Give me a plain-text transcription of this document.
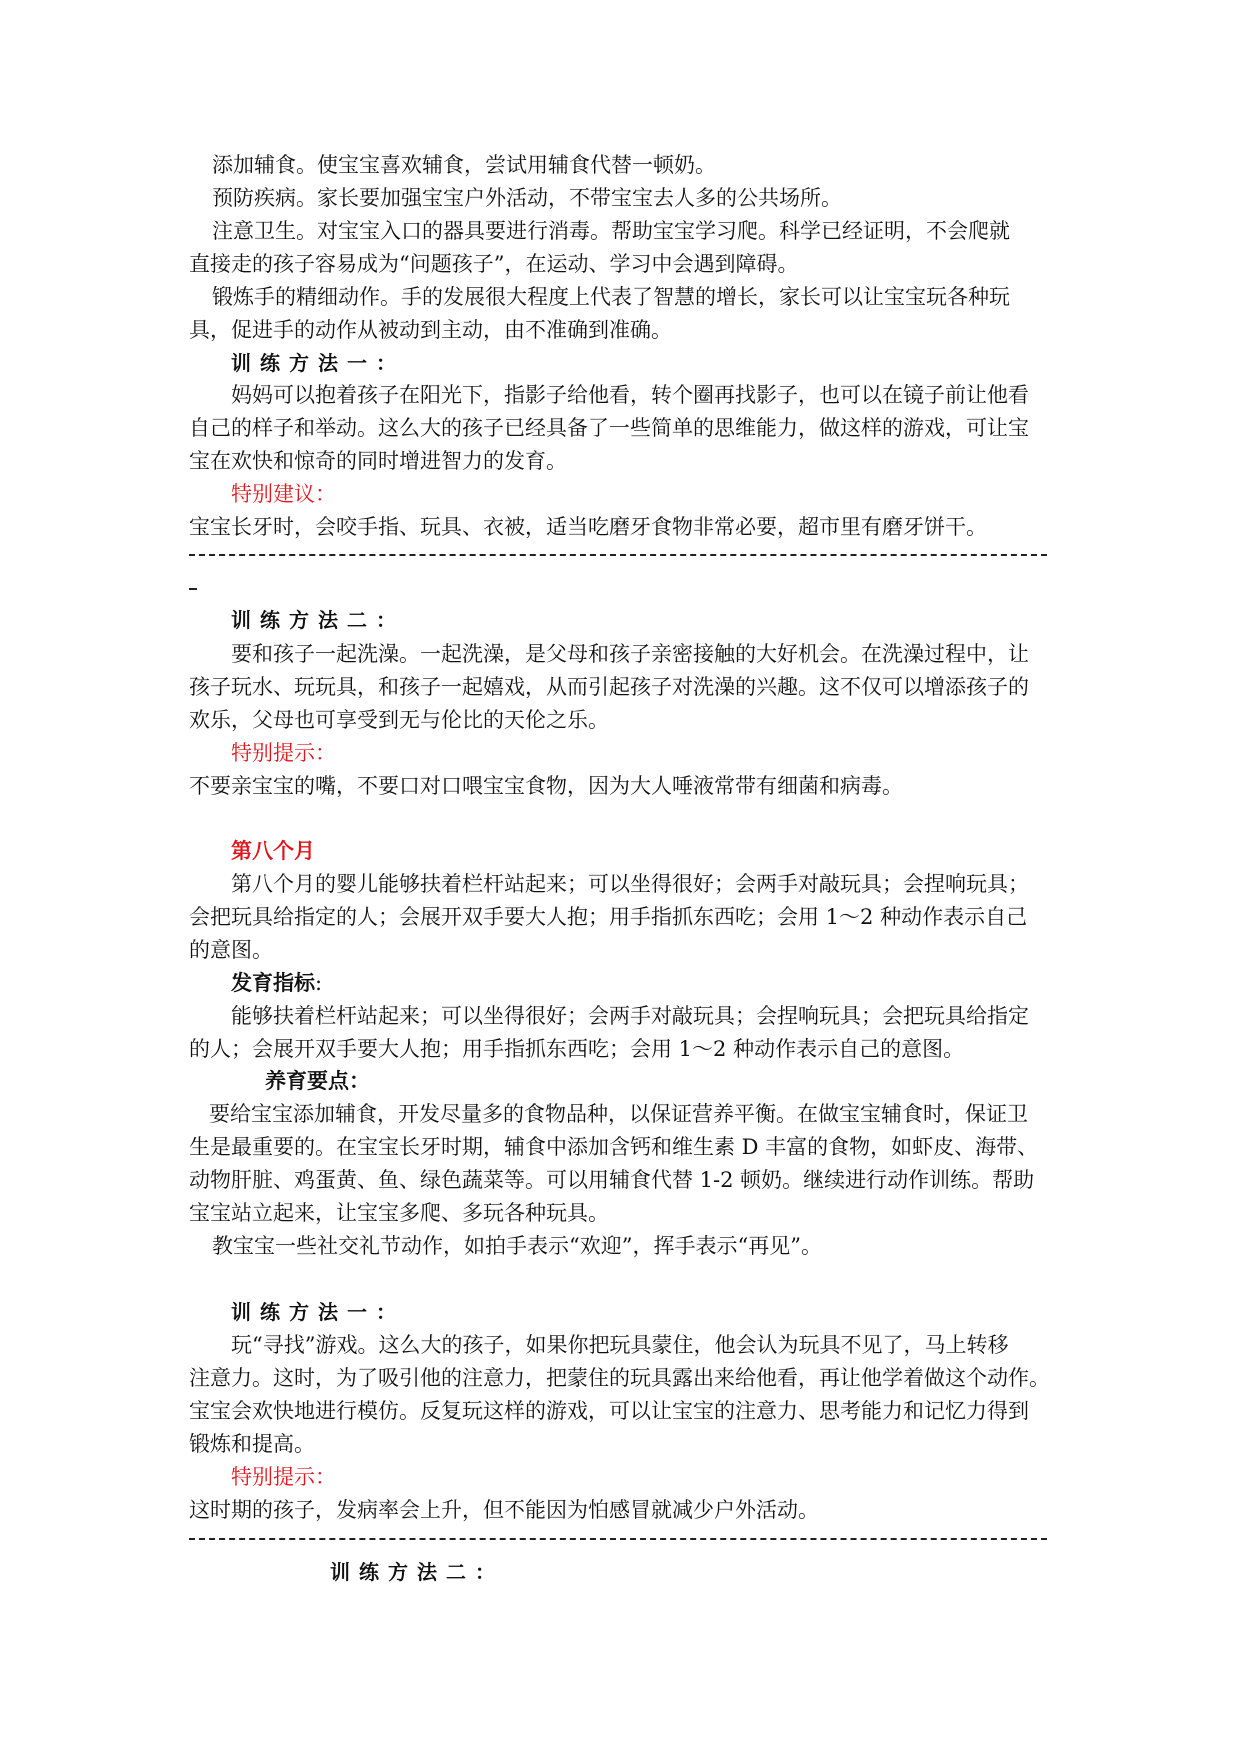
添加辅食。使宝宝喜欢辅食，尝试用辅食代替一顿奶。
预防疾病。家长要加强宝宝户外活动，不带宝宝去人多的公共场所。
注意卫生。对宝宝入口的器具要进行消毒。帮助宝宝学习爬。科学已经证明，不会爬就
直接走的孩子容易成为“问题孩子”，在运动、学习中会遇到障碍。
锻炼手的精细动作。手的发展很大程度上代表了智慧的增长，家长可以让宝宝玩各种玩
具，促进手的动作从被动到主动，由不准确到准确。
训练方法一：
妈妈可以抱着孩子在阳光下，指影子给他看，转个圈再找影子，也可以在镜子前让他看
自己的样子和举动。这么大的孩子已经具备了一些简单的思维能力，做这样的游戏，可让宝
宝在欢快和惊奇的同时增进智力的发育。
特别建议：
宝宝长牙时，会咬手指、玩具、衣被，适当吃磨牙食物非常必要，超市里有磨牙饼干。
训练方法二：
要和孩子一起洗澡。一起洗澡，是父母和孩子亲密接触的大好机会。在洗澡过程中，让
孩子玩水、玩玩具，和孩子一起嬉戏，从而引起孩子对洗澡的兴趣。这不仅可以增添孩子的
欢乐，父母也可享受到无与伦比的天伦之乐。
特别提示：
不要亲宝宝的嘴，不要口对口喂宝宝食物，因为大人唾液常带有细菌和病毒。
第八个月
第八个月的婴儿能够扶着栏杆站起来；可以坐得很好；会两手对敲玩具；会捏响玩具；
会把玩具给指定的人；会展开双手要大人抱；用手指抓东西吃；会用 1～2 种动作表示自己
的意图。
发育指标:
能够扶着栏杆站起来；可以坐得很好；会两手对敲玩具；会捏响玩具；会把玩具给指定
的人；会展开双手要大人抱；用手指抓东西吃；会用 1～2 种动作表示自己的意图。
养育要点：
要给宝宝添加辅食，开发尽量多的食物品种，以保证营养平衡。在做宝宝辅食时，保证卫
生是最重要的。在宝宝长牙时期，辅食中添加含钙和维生素 D 丰富的食物，如虾皮、海带、
动物肝脏、鸡蛋黄、鱼、绿色蔬菜等。可以用辅食代替 1-2 顿奶。继续进行动作训练。帮助
宝宝站立起来，让宝宝多爬、多玩各种玩具。
教宝宝一些社交礼节动作，如拍手表示“欢迎”，挥手表示“再见”。
训练方法一：
玩“寻找”游戏。这么大的孩子，如果你把玩具蒙住，他会认为玩具不见了，马上转移
注意力。这时，为了吸引他的注意力，把蒙住的玩具露出来给他看，再让他学着做这个动作。
宝宝会欢快地进行模仿。反复玩这样的游戏，可以让宝宝的注意力、思考能力和记忆力得到
锻炼和提高。
特别提示：
这时期的孩子，发病率会上升，但不能因为怕感冒就减少户外活动。
训练方法二：
